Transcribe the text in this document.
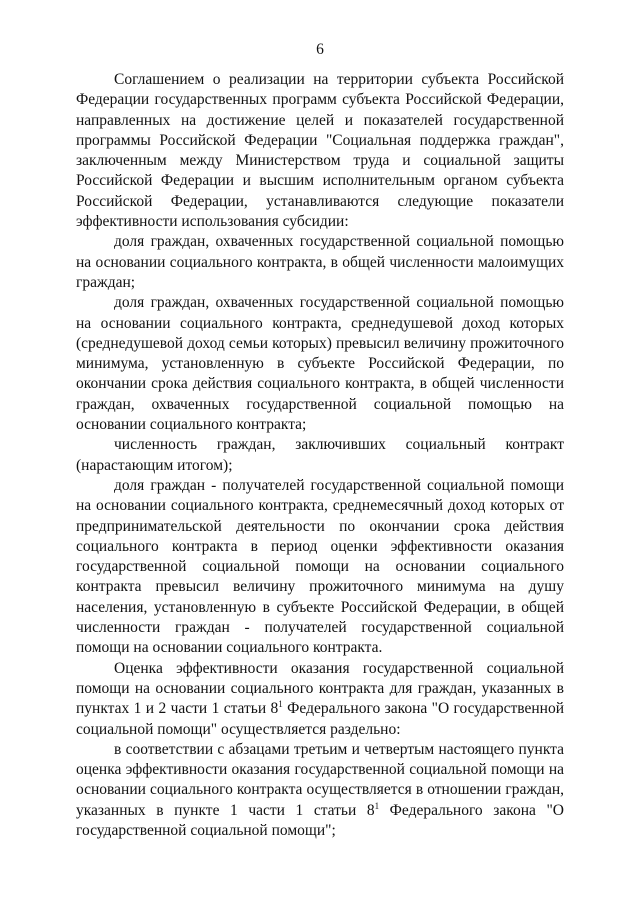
6

Соглашением о реализации на территории субъекта Российской Федерации государственных программ субъекта Российской Федерации, направленных на достижение целей и показателей государственной программы Российской Федерации "Социальная поддержка граждан", заключенным между Министерством труда и социальной защиты Российской Федерации и высшим исполнительным органом субъекта Российской Федерации, устанавливаются следующие показатели эффективности использования субсидии:

доля граждан, охваченных государственной социальной помощью на основании социального контракта, в общей численности малоимущих граждан;

доля граждан, охваченных государственной социальной помощью на основании социального контракта, среднедушевой доход которых (среднедушевой доход семьи которых) превысил величину прожиточного минимума, установленную в субъекте Российской Федерации, по окончании срока действия социального контракта, в общей численности граждан, охваченных государственной социальной помощью на основании социального контракта;

численность граждан, заключивших социальный контракт (нарастающим итогом);

доля граждан - получателей государственной социальной помощи на основании социального контракта, среднемесячный доход которых от предпринимательской деятельности по окончании срока действия социального контракта в период оценки эффективности оказания государственной социальной помощи на основании социального контракта превысил величину прожиточного минимума на душу населения, установленную в субъекте Российской Федерации, в общей численности граждан - получателей государственной социальной помощи на основании социального контракта.

Оценка эффективности оказания государственной социальной помощи на основании социального контракта для граждан, указанных в пунктах 1 и 2 части 1 статьи $8^1$ Федерального закона "О государственной социальной помощи" осуществляется раздельно:

в соответствии с абзацами третьим и четвертым настоящего пункта оценка эффективности оказания государственной социальной помощи на основании социального контракта осуществляется в отношении граждан, указанных в пункте 1 части 1 статьи $8^1$ Федерального закона "О государственной социальной помощи";
